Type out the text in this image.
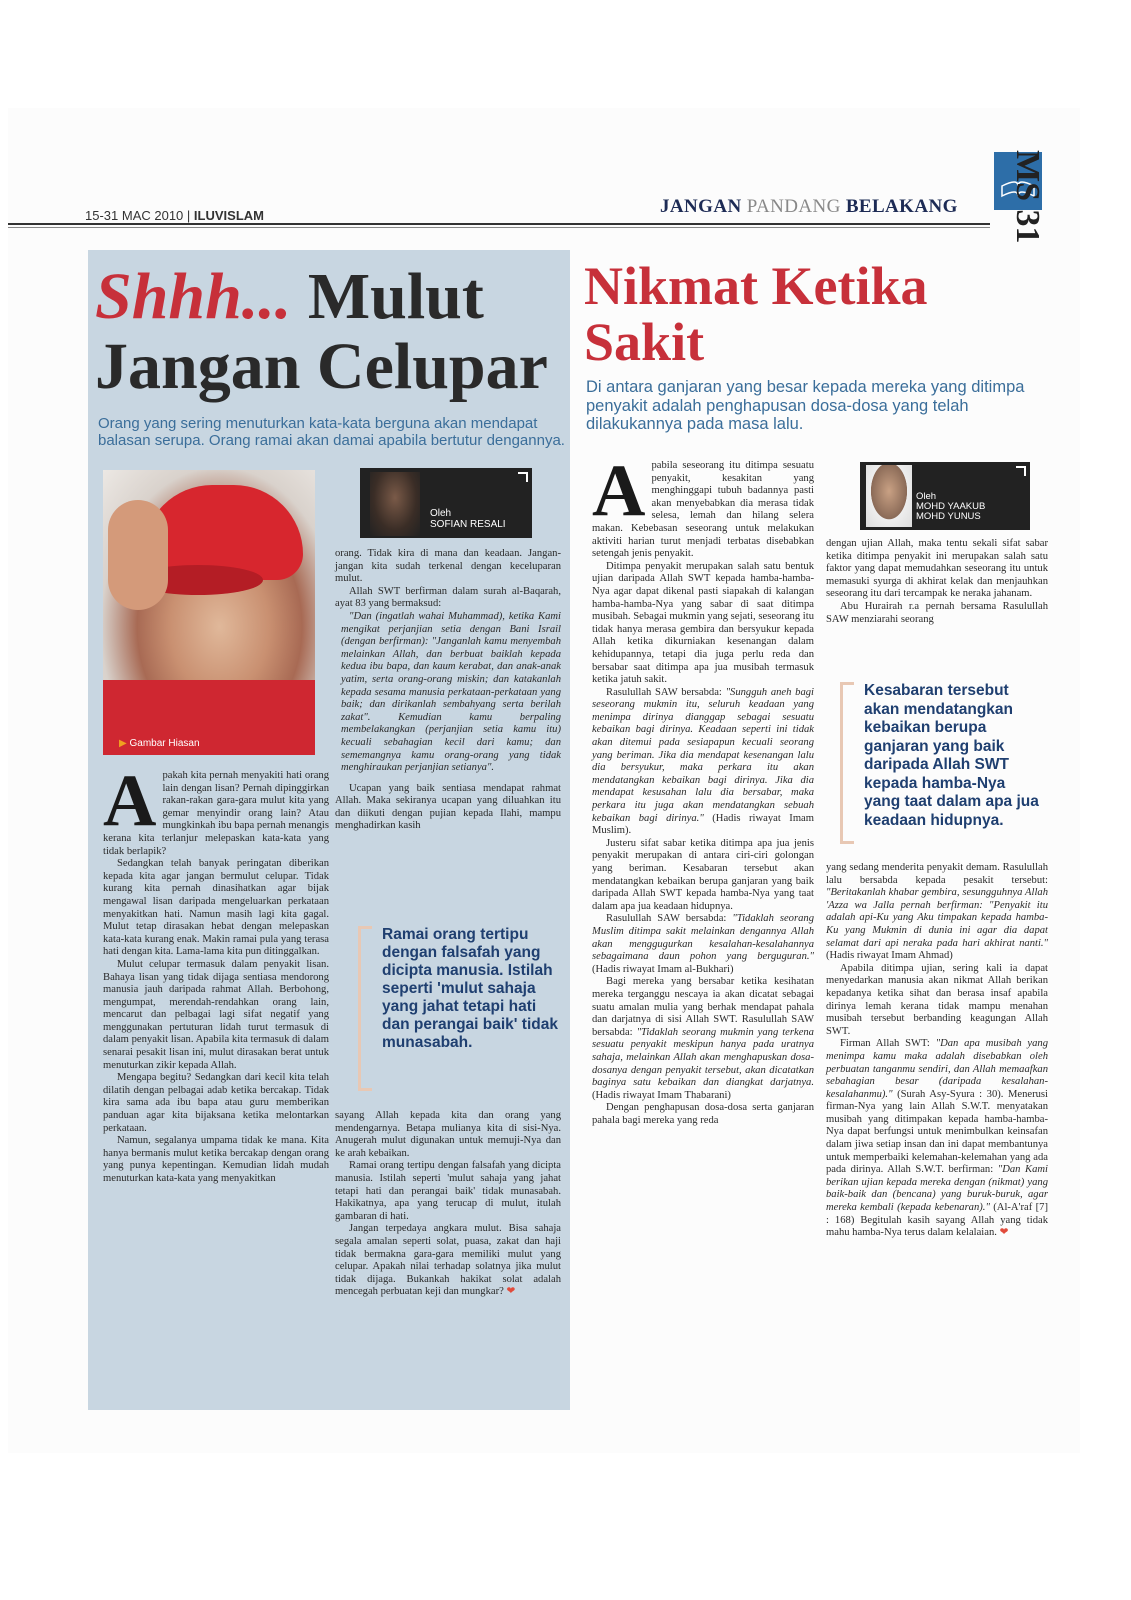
15-31 MAC 2010 | ILUVISLAM	JANGAN PANDANG BELAKANG MS 31
Shhh... Mulut
Jangan Celupar
Orang yang sering menuturkan kata-kata berguna akan mendapat balasan serupa. Orang ramai akan damai apabila bertutur dengannya.
▶ Gambar Hiasan
Oleh
SOFIAN RESALI

Apakah kita pernah menyakiti hati orang lain dengan lisan? Pernah dipinggirkan rakan-rakan gara-gara mulut kita yang gemar menyindir orang lain? Atau mungkinkah ibu bapa pernah menangis kerana kita terlanjur melepaskan kata-kata yang tidak berlapik?

Sedangkan telah banyak peringatan diberikan kepada kita agar jangan bermulut celupar. Tidak kurang kita pernah dinasihatkan agar bijak mengawal lisan daripada mengeluarkan perkataan menyakitkan hati. Namun masih lagi kita gagal. Mulut tetap dirasakan hebat dengan melepaskan kata-kata kurang enak. Makin ramai pula yang terasa hati dengan kita. Lama-lama kita pun ditinggalkan.

Mulut celupar termasuk dalam penyakit lisan. Bahaya lisan yang tidak dijaga sentiasa mendorong manusia jauh daripada rahmat Allah. Berbohong, mengumpat, merendah-rendahkan orang lain, mencarut dan pelbagai lagi sifat negatif yang menggunakan pertuturan lidah turut termasuk di dalam penyakit lisan. Apabila kita termasuk di dalam senarai pesakit lisan ini, mulut dirasakan berat untuk menuturkan zikir kepada Allah.

Mengapa begitu? Sedangkan dari kecil kita telah dilatih dengan pelbagai adab ketika bercakap. Tidak kira sama ada ibu bapa atau guru memberikan panduan agar kita bijaksana ketika melontarkan perkataan.

Namun, segalanya umpama tidak ke mana. Kita hanya bermanis mulut ketika bercakap dengan orang yang punya kepentingan. Kemudian lidah mudah menuturkan kata-kata yang menyakitkan

orang. Tidak kira di mana dan keadaan. Jangan-jangan kita sudah terkenal dengan keceluparan mulut.

Allah SWT berfirman dalam surah al-Baqarah, ayat 83 yang bermaksud:

"Dan (ingatlah wahai Muhammad), ketika Kami mengikat perjanjian setia dengan Bani Israil (dengan berfirman): "Janganlah kamu menyembah melainkan Allah, dan berbuat baiklah kepada kedua ibu bapa, dan kaum kerabat, dan anak-anak yatim, serta orang-orang miskin; dan katakanlah kepada sesama manusia perkataan-perkataan yang baik; dan dirikanlah sembahyang serta berilah zakat". Kemudian kamu berpaling membelakangkan (perjanjian setia kamu itu) kecuali sebahagian kecil dari kamu; dan sememangnya kamu orang-orang yang tidak menghiraukan perjanjian setianya".

Ucapan yang baik sentiasa mendapat rahmat Allah. Maka sekiranya ucapan yang diluahkan itu dan diikuti dengan pujian kepada Ilahi, mampu menghadirkan kasih

Ramai orang tertipu dengan falsafah yang dicipta manusia. Istilah seperti 'mulut sahaja yang jahat tetapi hati dan perangai baik' tidak munasabah.

sayang Allah kepada kita dan orang yang mendengarnya. Betapa mulianya kita di sisi-Nya. Anugerah mulut digunakan untuk memuji-Nya dan ke arah kebaikan.

Ramai orang tertipu dengan falsafah yang dicipta manusia. Istilah seperti 'mulut sahaja yang jahat tetapi hati dan perangai baik' tidak munasabah. Hakikatnya, apa yang terucap di mulut, itulah gambaran di hati.

Jangan terpedaya angkara mulut. Bisa sahaja segala amalan seperti solat, puasa, zakat dan haji tidak bermakna gara-gara memiliki mulut yang celupar. Apakah nilai terhadap solatnya jika mulut tidak dijaga. Bukankah hakikat solat adalah mencegah perbuatan keji dan mungkar? ❤

Nikmat Ketika
Sakit
Di antara ganjaran yang besar kepada mereka yang ditimpa penyakit adalah penghapusan dosa-dosa yang telah dilakukannya pada masa lalu.
Oleh
MOHD YAAKUB
MOHD YUNUS

Apabila seseorang itu ditimpa sesuatu penyakit, kesakitan yang menghinggapi tubuh badannya pasti akan menyebabkan dia merasa tidak selesa, lemah dan hilang selera makan. Kebebasan seseorang untuk melakukan aktiviti harian turut menjadi terbatas disebabkan setengah jenis penyakit.

Ditimpa penyakit merupakan salah satu bentuk ujian daripada Allah SWT kepada hamba-hamba-Nya agar dapat dikenal pasti siapakah di kalangan hamba-hamba-Nya yang sabar di saat ditimpa musibah. Sebagai mukmin yang sejati, seseorang itu tidak hanya merasa gembira dan bersyukur kepada Allah ketika dikurniakan kesenangan dalam kehidupannya, tetapi dia juga perlu reda dan bersabar saat ditimpa apa jua musibah termasuk ketika jatuh sakit.

Rasulullah SAW bersabda: "Sungguh aneh bagi seseorang mukmin itu, seluruh keadaan yang menimpa dirinya dianggap sebagai sesuatu kebaikan bagi dirinya. Keadaan seperti ini tidak akan ditemui pada sesiapapun kecuali seorang yang beriman. Jika dia mendapat kesenangan lalu dia bersyukur, maka perkara itu akan mendatangkan kebaikan bagi dirinya. Jika dia mendapat kesusahan lalu dia bersabar, maka perkara itu juga akan mendatangkan sebuah kebaikan bagi dirinya." (Hadis riwayat Imam Muslim).

Justeru sifat sabar ketika ditimpa apa jua jenis penyakit merupakan di antara ciri-ciri golongan yang beriman. Kesabaran tersebut akan mendatangkan kebaikan berupa ganjaran yang baik daripada Allah SWT kepada hamba-Nya yang taat dalam apa jua keadaan hidupnya.

Rasulullah SAW bersabda: "Tidaklah seorang Muslim ditimpa sakit melainkan dengannya Allah akan menggugurkan kesalahan-kesalahannya sebagaimana daun pohon yang berguguran." (Hadis riwayat Imam al-Bukhari)

Bagi mereka yang bersabar ketika kesihatan mereka terganggu nescaya ia akan dicatat sebagai suatu amalan mulia yang berhak mendapat pahala dan darjatnya di sisi Allah SWT. Rasulullah SAW bersabda: "Tidaklah seorang mukmin yang terkena sesuatu penyakit meskipun hanya pada uratnya sahaja, melainkan Allah akan menghapuskan dosa-dosanya dengan penyakit tersebut, akan dicatatkan baginya satu kebaikan dan diangkat darjatnya. (Hadis riwayat Imam Thabarani)

Dengan penghapusan dosa-dosa serta ganjaran pahala bagi mereka yang reda

dengan ujian Allah, maka tentu sekali sifat sabar ketika ditimpa penyakit ini merupakan salah satu faktor yang dapat memudahkan seseorang itu untuk memasuki syurga di akhirat kelak dan menjauhkan seseorang itu dari tercampak ke neraka jahanam.

Abu Hurairah r.a pernah bersama Rasulullah SAW menziarahi seorang

Kesabaran tersebut akan mendatangkan kebaikan berupa ganjaran yang baik daripada Allah SWT kepada hamba-Nya yang taat dalam apa jua keadaan hidupnya.

yang sedang menderita penyakit demam. Rasulullah lalu bersabda kepada pesakit tersebut: "Beritakanlah khabar gembira, sesungguhnya Allah 'Azza wa Jalla pernah berfirman: "Penyakit itu adalah api-Ku yang Aku timpakan kepada hamba-Ku yang Mukmin di dunia ini agar dia dapat selamat dari api neraka pada hari akhirat nanti." (Hadis riwayat Imam Ahmad)

Apabila ditimpa ujian, sering kali ia dapat menyedarkan manusia akan nikmat Allah berikan kepadanya ketika sihat dan berasa insaf apabila dirinya lemah kerana tidak mampu menahan musibah tersebut berbanding keagungan Allah SWT.

Firman Allah SWT: "Dan apa musibah yang menimpa kamu maka adalah disebabkan oleh perbuatan tanganmu sendiri, dan Allah memaafkan sebahagian besar (daripada kesalahan-kesalahanmu)." (Surah Asy-Syura : 30). Menerusi firman-Nya yang lain Allah S.W.T. menyatakan musibah yang ditimpakan kepada hamba-hamba-Nya dapat berfungsi untuk menimbulkan keinsafan dalam jiwa setiap insan dan ini dapat membantunya untuk memperbaiki kelemahan-kelemahan yang ada pada dirinya. Allah S.W.T. berfirman: "Dan Kami berikan ujian kepada mereka dengan (nikmat) yang baik-baik dan (bencana) yang buruk-buruk, agar mereka kembali (kepada kebenaran)." (Al-A'raf [7] : 168) Begitulah kasih sayang Allah yang tidak mahu hamba-Nya terus dalam kelalaian. ❤
